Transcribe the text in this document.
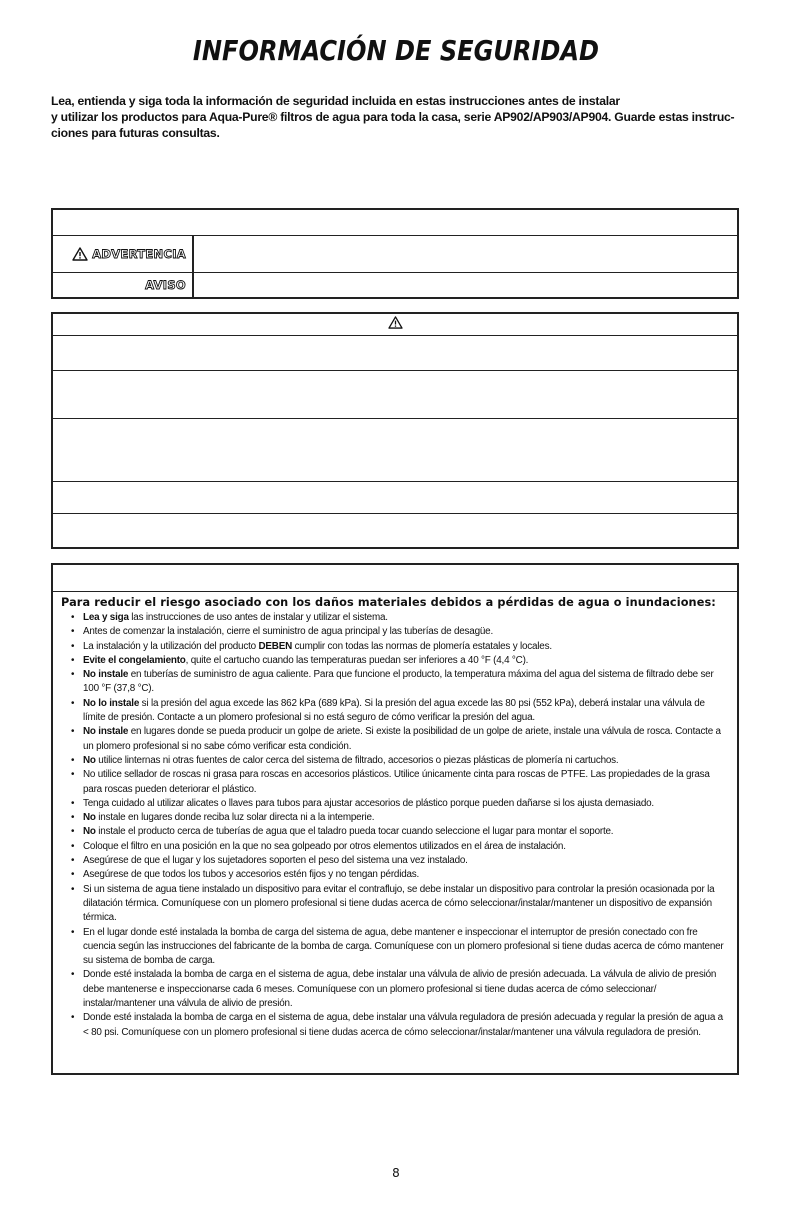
INFORMACIÓN DE SEGURIDAD
Lea, entienda y siga toda la información de seguridad incluida en estas instrucciones antes de instalar
y utilizar los productos para Aqua-Pure® filtros de agua para toda la casa, serie AP902/AP903/AP904. Guarde estas instruc-
ciones para futuras consultas.
ADVERTENCIA
AVISO
Para reducir el riesgo asociado con los daños materiales debidos a pérdidas de agua o inundaciones:
• Lea y siga las instrucciones de uso antes de instalar y utilizar el sistema.
• Antes de comenzar la instalación, cierre el suministro de agua principal y las tuberías de desagüe.
• La instalación y la utilización del producto DEBEN cumplir con todas las normas de plomería estatales y locales.
• Evite el congelamiento, quite el cartucho cuando las temperaturas puedan ser inferiores a 40 °F (4,4 °C).
• No instale en tuberías de suministro de agua caliente. Para que funcione el producto, la temperatura máxima del agua del sistema de filtrado debe ser 100 °F (37,8 °C).
• No lo instale si la presión del agua excede las 862 kPa (689 kPa). Si la presión del agua excede las 80 psi (552 kPa), deberá instalar una válvula de límite de presión. Contacte a un plomero profesional si no está seguro de cómo verificar la presión del agua.
• No instale en lugares donde se pueda producir un golpe de ariete. Si existe la posibilidad de un golpe de ariete, instale una válvula de rosca. Contacte a un plomero profesional si no sabe cómo verificar esta condición.
• No utilice linternas ni otras fuentes de calor cerca del sistema de filtrado, accesorios o piezas plásticas de plomería ni cartuchos.
• No utilice sellador de roscas ni grasa para roscas en accesorios plásticos. Utilice únicamente cinta para roscas de PTFE. Las propiedades de la grasa para roscas pueden deteriorar el plástico.
• Tenga cuidado al utilizar alicates o llaves para tubos para ajustar accesorios de plástico porque pueden dañarse si los ajusta demasiado.
• No instale en lugares donde reciba luz solar directa ni a la intemperie.
• No instale el producto cerca de tuberías de agua que el taladro pueda tocar cuando seleccione el lugar para montar el soporte.
• Coloque el filtro en una posición en la que no sea golpeado por otros elementos utilizados en el área de instalación.
• Asegúrese de que el lugar y los sujetadores soporten el peso del sistema una vez instalado.
• Asegúrese de que todos los tubos y accesorios estén fijos y no tengan pérdidas.
• Si un sistema de agua tiene instalado un dispositivo para evitar el contraflujo, se debe instalar un dispositivo para controlar la presión ocasionada por la dilatación térmica. Comuníquese con un plomero profesional si tiene dudas acerca de cómo seleccionar/instalar/mantener un dispositivo de expansión térmica.
• En el lugar donde esté instalada la bomba de carga del sistema de agua, debe mantener e inspeccionar el interruptor de presión conectado con fre cuencia según las instrucciones del fabricante de la bomba de carga. Comuníquese con un plomero profesional si tiene dudas acerca de cómo mantener su sistema de bomba de carga.
• Donde esté instalada la bomba de carga en el sistema de agua, debe instalar una válvula de alivio de presión adecuada. La válvula de alivio de presión debe mantenerse e inspeccionarse cada 6 meses. Comuníquese con un plomero profesional si tiene dudas acerca de cómo seleccionar/ instalar/mantener una válvula de alivio de presión.
• Donde esté instalada la bomba de carga en el sistema de agua, debe instalar una válvula reguladora de presión adecuada y regular la presión de agua a < 80 psi. Comuníquese con un plomero profesional si tiene dudas acerca de cómo seleccionar/instalar/mantener una válvula reguladora de presión.
8
